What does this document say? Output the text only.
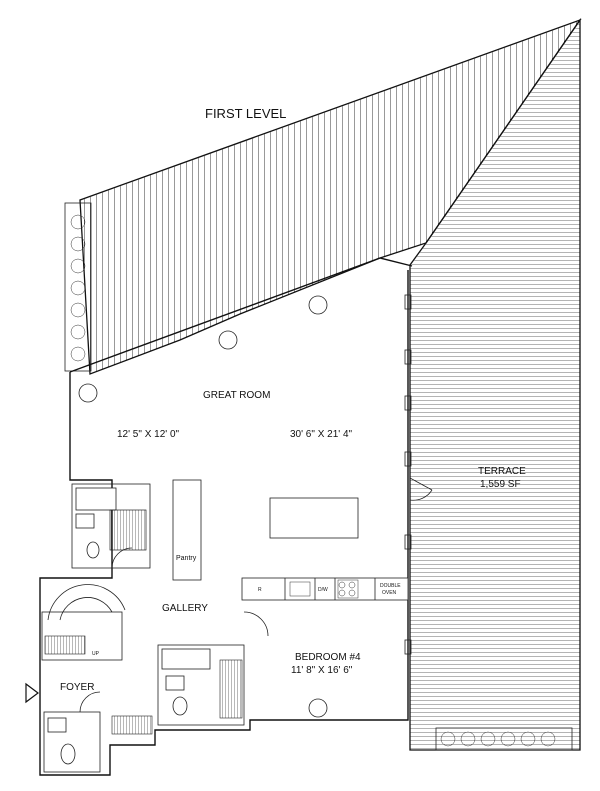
Pantry
R	D/W
DOUBLE
OVEN
UP
FIRST LEVEL
GREAT ROOM
12' 5" X 12' 0"	30' 6" X 21' 4"
TERRACE
1,559 SF
GALLERY
BEDROOM #4
11' 8" X 16' 6"
FOYER
